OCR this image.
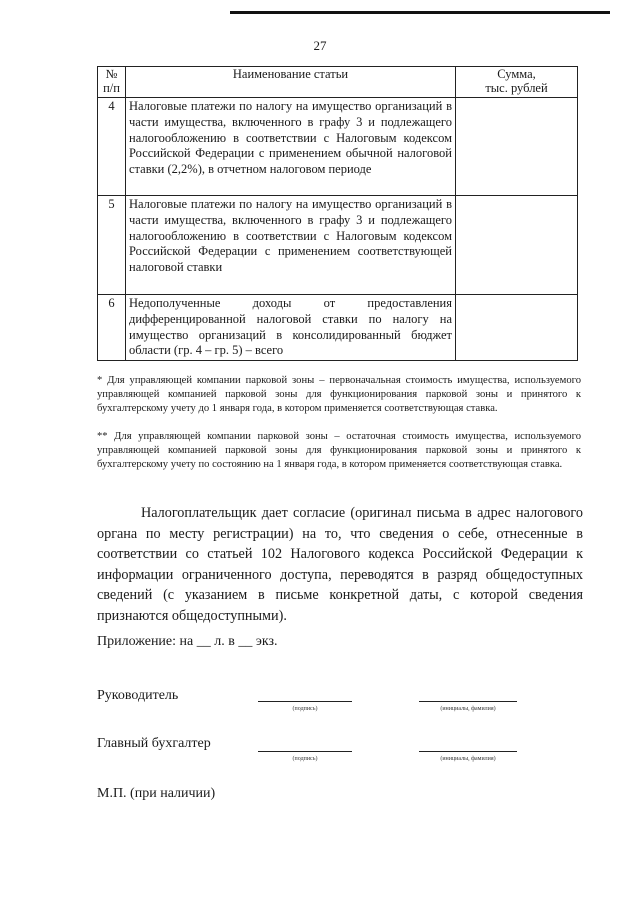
27
№ п/п	Наименование статьи	Сумма,
тыс. рублей

4	Налоговые платежи по налогу на имущество организаций в части имущества, включенного в графу 3 и подлежащего налогообложению в соответствии с Налоговым кодексом Российской Федерации с применением обычной налоговой ставки (2,2%), в отчетном налоговом периоде	
5	Налоговые платежи по налогу на имущество организаций в части имущества, включенного в графу 3 и подлежащего налогообложению в соответствии с Налоговым кодексом Российской Федерации с применением соответствующей налоговой ставки	
6	Недополученные доходы от предоставления дифференцированной налоговой ставки по налогу на имущество организаций в консолидированный бюджет области (гр. 4 – гр. 5) – всего	
* Для управляющей компании парковой зоны – первоначальная стоимость имущества, используемого управляющей компанией парковой зоны для функционирования парковой зоны и принятого к бухгалтерскому учету до 1 января года, в котором применяется соответствующая ставка.
** Для управляющей компании парковой зоны – остаточная стоимость имущества, используемого управляющей компанией парковой зоны для функционирования парковой зоны и принятого к бухгалтерскому учету по состоянию на 1 января года, в котором применяется соответствующая ставка.
Налогоплательщик дает согласие (оригинал письма в адрес налогового органа по месту регистрации) на то, что сведения о себе, отнесенные в соответствии со статьей 102 Налогового кодекса Российской Федерации к информации ограниченного доступа, переводятся в разряд общедоступных сведений (с указанием в письме конкретной даты, с которой сведения признаются общедоступными).
Приложение: на __ л. в __ экз.
Руководитель
(подпись)	(инициалы, фамилия)
Главный бухгалтер
(подпись)	(инициалы, фамилия)
М.П. (при наличии)
